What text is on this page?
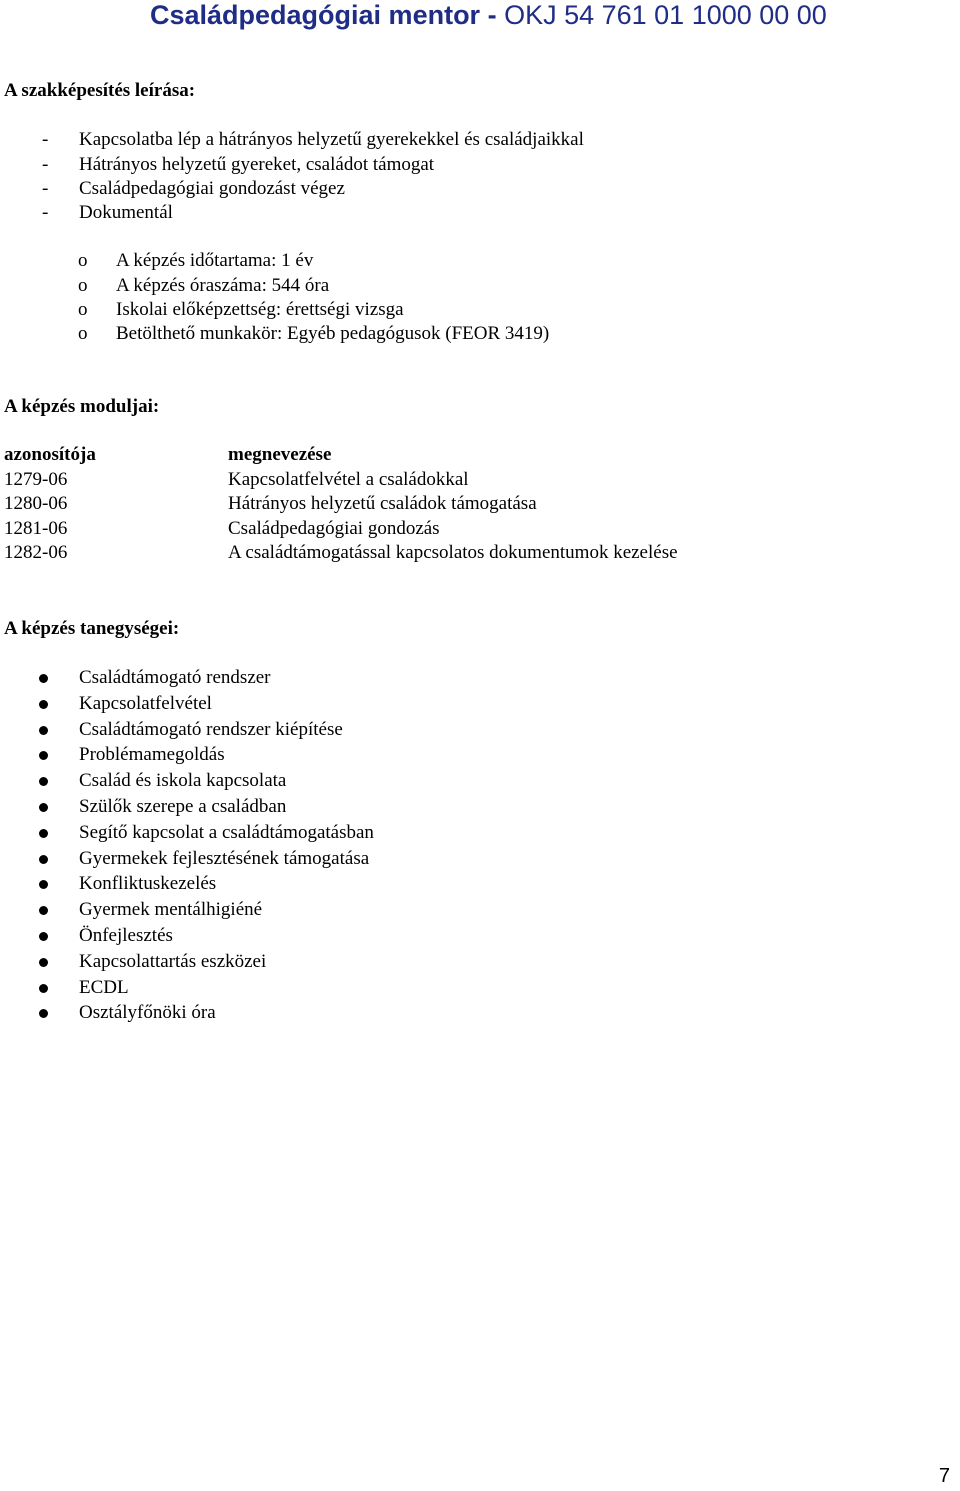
Családpedagógiai mentor - OKJ 54 761 01 1000 00 00
A szakképesítés leírása:
- Kapcsolatba lép a hátrányos helyzetű gyerekekkel és családjaikkal
- Hátrányos helyzetű gyereket, családot támogat
- Családpedagógiai gondozást végez
- Dokumentál
o A képzés időtartama: 1 év
o A képzés óraszáma: 544 óra
o Iskolai előképzettség: érettségi vizsga
o Betölthető munkakör: Egyéb pedagógusok (FEOR 3419)
A képzés moduljai:
azonosítója	megnevezése
1279-06	Kapcsolatfelvétel a családokkal
1280-06	Hátrányos helyzetű családok támogatása
1281-06	Családpedagógiai gondozás
1282-06	A családtámogatással kapcsolatos dokumentumok kezelése
A képzés tanegységei:
Családtámogató rendszer
Kapcsolatfelvétel
Családtámogató rendszer kiépítése
Problémamegoldás
Család és iskola kapcsolata
Szülők szerepe a családban
Segítő kapcsolat a családtámogatásban
Gyermekek fejlesztésének támogatása
Konfliktuskezelés
Gyermek mentálhigiéné
Önfejlesztés
Kapcsolattartás eszközei
ECDL
Osztályfőnöki óra
7
